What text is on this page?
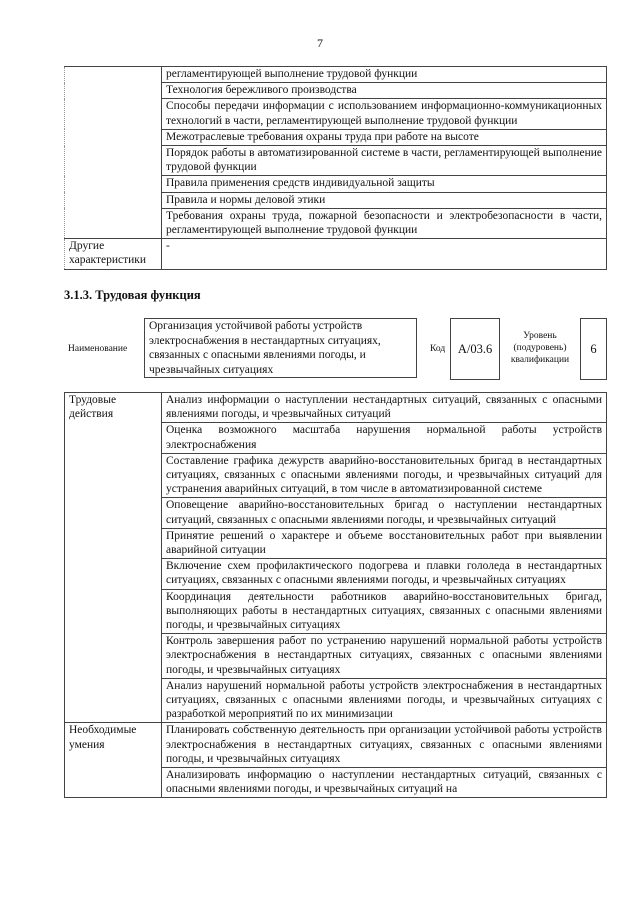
7
	регламентирующей выполнение трудовой функции
	Технология бережливого производства
	Способы передачи информации с использованием информационно-коммуникационных технологий в части, регламентирующей выполнение трудовой функции
	Межотраслевые требования охраны труда при работе на высоте
	Порядок работы в автоматизированной системе в части, регламентирующей выполнение трудовой функции
	Правила применения средств индивидуальной защиты
	Правила и нормы деловой этики
	Требования охраны труда, пожарной безопасности и электробезопасности в части, регламентирующей выполнение трудовой функции
Другие характеристики	-
3.1.3. Трудовая функция
Наименование
Организация устойчивой работы устройств электроснабжения в нестандартных ситуациях, связанных с опасными явлениями погоды, и чрезвычайных ситуациях
Код	А/03.6
Уровень (подуровень) квалификации
6
Трудовые действия	Анализ информации о наступлении нестандартных ситуаций, связанных с опасными явлениями погоды, и чрезвычайных ситуаций
	Оценка возможного масштаба нарушения нормальной работы устройств электроснабжения
	Составление графика дежурств аварийно-восстановительных бригад в нестандартных ситуациях, связанных с опасными явлениями погоды, и чрезвычайных ситуаций для устранения аварийных ситуаций, в том числе в автоматизированной системе
	Оповещение аварийно-восстановительных бригад о наступлении нестандартных ситуаций, связанных с опасными явлениями погоды, и чрезвычайных ситуаций
	Принятие решений о характере и объеме восстановительных работ при выявлении аварийной ситуации
	Включение схем профилактического подогрева и плавки гололеда в нестандартных ситуациях, связанных с опасными явлениями погоды, и чрезвычайных ситуациях
	Координация деятельности работников аварийно-восстановительных бригад, выполняющих работы в нестандартных ситуациях, связанных с опасными явлениями погоды, и чрезвычайных ситуациях
	Контроль завершения работ по устранению нарушений нормальной работы устройств электроснабжения в нестандартных ситуациях, связанных с опасными явлениями погоды, и чрезвычайных ситуациях
	Анализ нарушений нормальной работы устройств электроснабжения в нестандартных ситуациях, связанных с опасными явлениями погоды, и чрезвычайных ситуациях с разработкой мероприятий по их минимизации
Необходимые умения	Планировать собственную деятельность при организации устойчивой работы устройств электроснабжения в нестандартных ситуациях, связанных с опасными явлениями погоды, и чрезвычайных ситуациях
	Анализировать информацию о наступлении нестандартных ситуаций, связанных с опасными явлениями погоды, и чрезвычайных ситуаций на
